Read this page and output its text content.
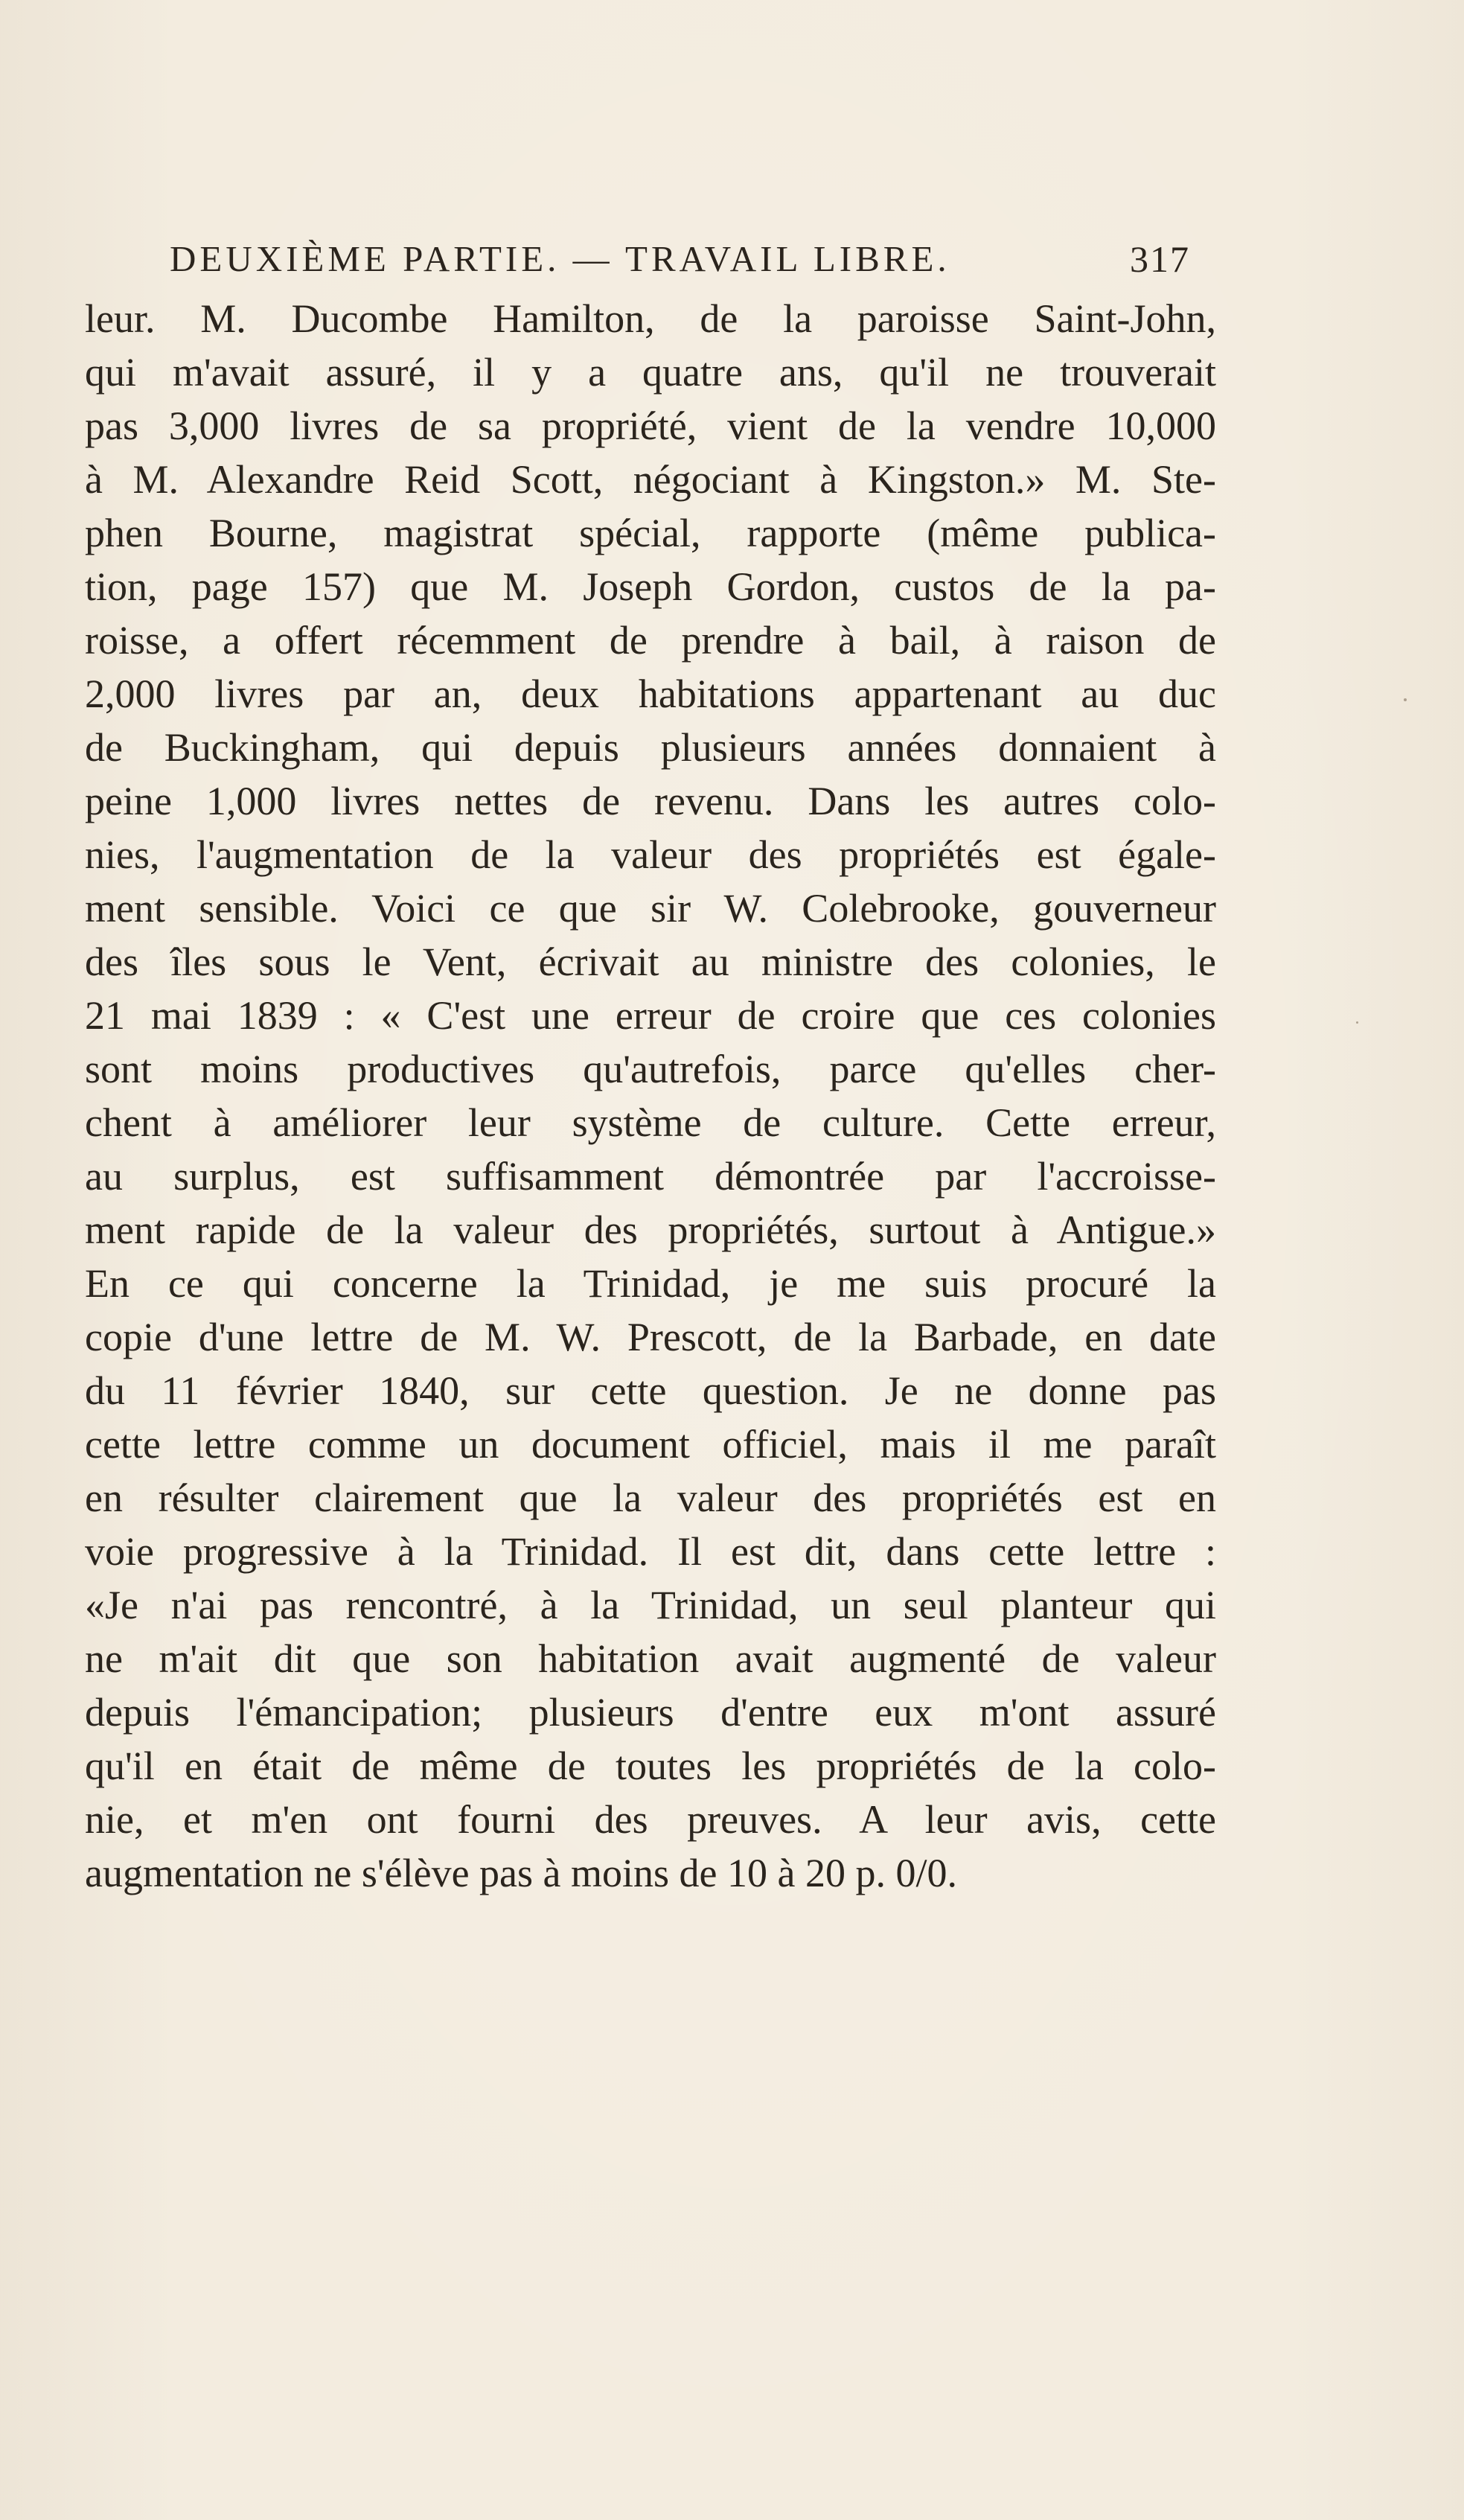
DEUXIÈME PARTIE. — TRAVAIL LIBRE.	317
leur. M. Ducombe Hamilton, de la paroisse Saint-John,
qui m'avait assuré, il y a quatre ans, qu'il ne trouverait
pas 3,000 livres de sa propriété, vient de la vendre 10,000
à M. Alexandre Reid Scott, négociant à Kingston.» M. Ste-
phen Bourne, magistrat spécial, rapporte (même publica-
tion, page 157) que M. Joseph Gordon, custos de la pa-
roisse, a offert récemment de prendre à bail, à raison de
2,000 livres par an, deux habitations appartenant au duc
de Buckingham, qui depuis plusieurs années donnaient à
peine 1,000 livres nettes de revenu. Dans les autres colo-
nies, l'augmentation de la valeur des propriétés est égale-
ment sensible. Voici ce que sir W. Colebrooke, gouverneur
des îles sous le Vent, écrivait au ministre des colonies, le
21 mai 1839 : « C'est une erreur de croire que ces colonies
sont moins productives qu'autrefois, parce qu'elles cher-
chent à améliorer leur système de culture. Cette erreur,
au surplus, est suffisamment démontrée par l'accroisse-
ment rapide de la valeur des propriétés, surtout à Antigue.»
En ce qui concerne la Trinidad, je me suis procuré la
copie d'une lettre de M. W. Prescott, de la Barbade, en date
du 11 février 1840, sur cette question. Je ne donne pas
cette lettre comme un document officiel, mais il me paraît
en résulter clairement que la valeur des propriétés est en
voie progressive à la Trinidad. Il est dit, dans cette lettre :
«Je n'ai pas rencontré, à la Trinidad, un seul planteur qui
ne m'ait dit que son habitation avait augmenté de valeur
depuis l'émancipation; plusieurs d'entre eux m'ont assuré
qu'il en était de même de toutes les propriétés de la colo-
nie, et m'en ont fourni des preuves. A leur avis, cette
augmentation ne s'élève pas à moins de 10 à 20 p. 0/0.
